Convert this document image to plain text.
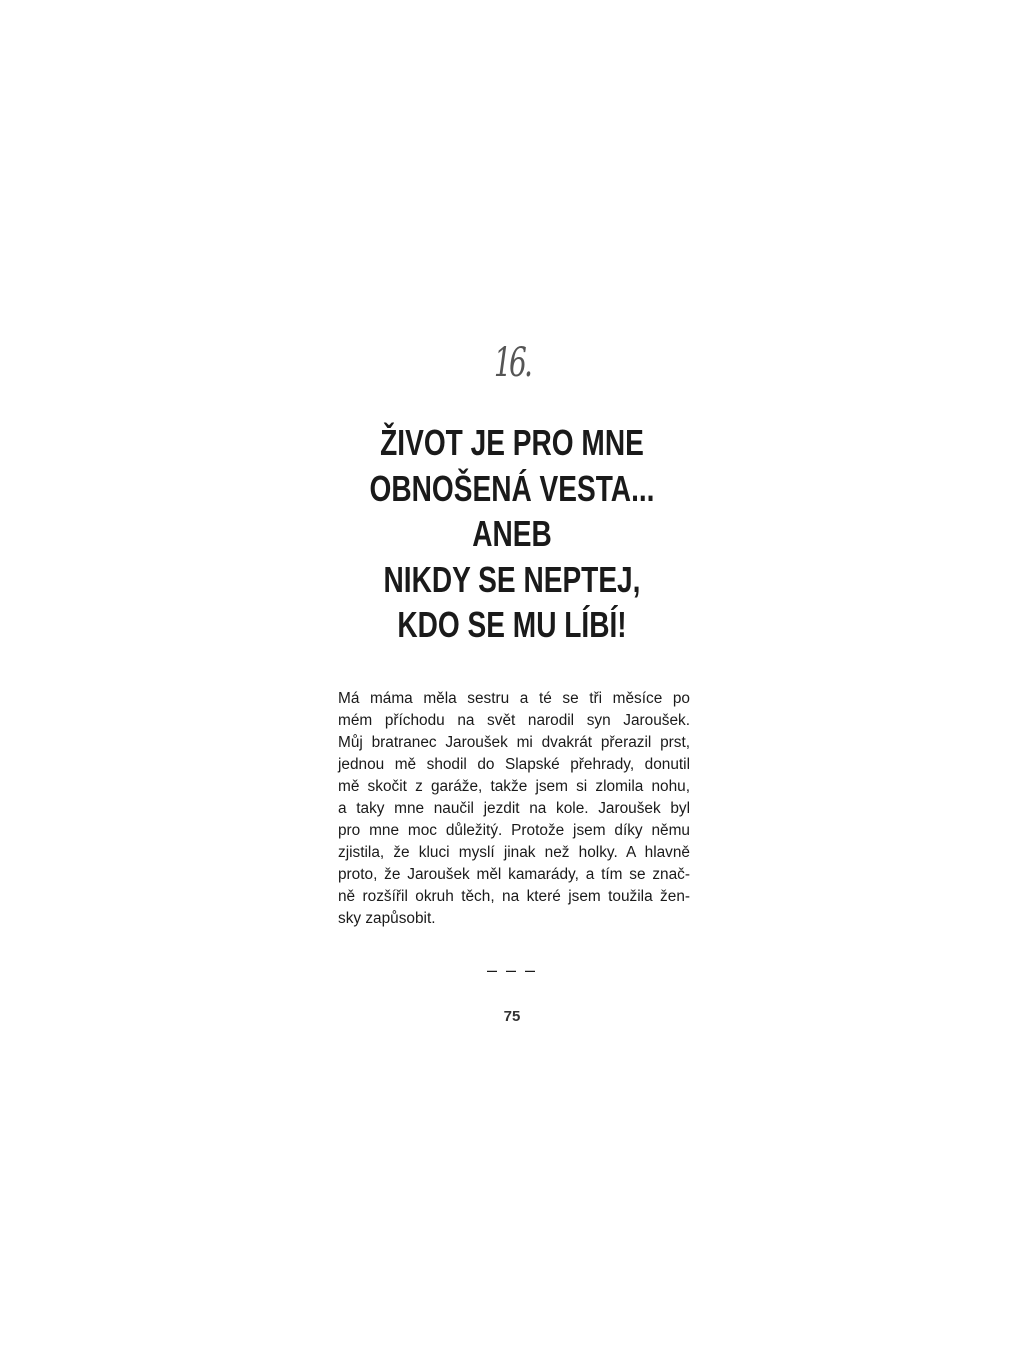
16.
ŽIVOT JE PRO MNE
OBNOŠENÁ VESTA...
ANEB
NIKDY SE NEPTEJ,
KDO SE MU LÍBÍ!

Má máma měla sestru a té se tři měsíce po
mém příchodu na svět narodil syn Jaroušek.
Můj bratranec Jaroušek mi dvakrát přerazil prst,
jednou mě shodil do Slapské přehrady, donutil
mě skočit z garáže, takže jsem si zlomila nohu,
a taky mne naučil jezdit na kole. Jaroušek byl
pro mne moc důležitý. Protože jsem díky němu
zjistila, že kluci myslí jinak než holky. A hlavně
proto, že Jaroušek měl kamarády, a tím se znač-
ně rozšířil okruh těch, na které jsem toužila žen-
sky zapůsobit.

– – –
75
